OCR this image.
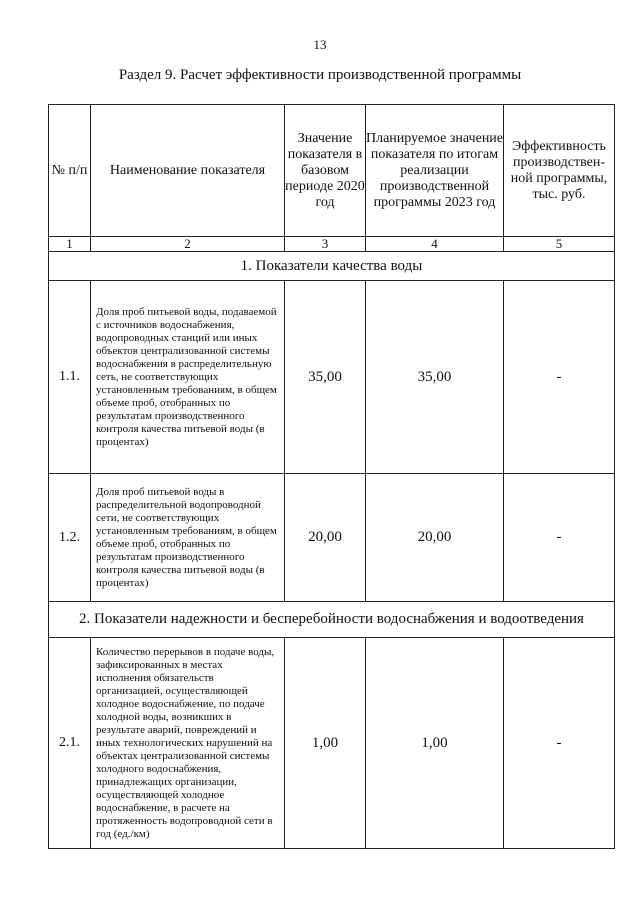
13
Раздел 9. Расчет эффективности производственной программы
№ п/п	Наименование показателя	Значение показателя в базовом периоде 2020 год	Планируемое значение показателя по итогам реализации производственной программы 2023 год	Эффективность производствен-ной программы, тыс. руб.
1	2	3	4	5
1. Показатели качества воды				
1.1.	Доля проб питьевой воды, подаваемой с источников водоснабжения, водопроводных станций или иных объектов централизованной системы водоснабжения в распределительную сеть, не соответствующих установленным требованиям, в общем объеме проб, отобранных по результатам производственного контроля качества питьевой воды (в процентах)	35,00	35,00	-
1.2.	Доля проб питьевой воды в распределительной водопроводной сети, не соответствующих установленным требованиям, в общем объеме проб, отобранных по результатам производственного контроля качества питьевой воды (в процентах)	20,00	20,00	-
2. Показатели надежности и бесперебойности водоснабжения и водоотведения				
2.1.	Количество перерывов в подаче воды, зафиксированных в местах исполнения обязательств организацией, осуществляющей холодное водоснабжение, по подаче холодной воды, возникших в результате аварий, повреждений и иных технологических нарушений на объектах централизованной системы холодного водоснабжения, принадлежащих организации, осуществляющей холодное водоснабжение, в расчете на протяженность водопроводной сети в год (ед./км)	1,00	1,00	-
